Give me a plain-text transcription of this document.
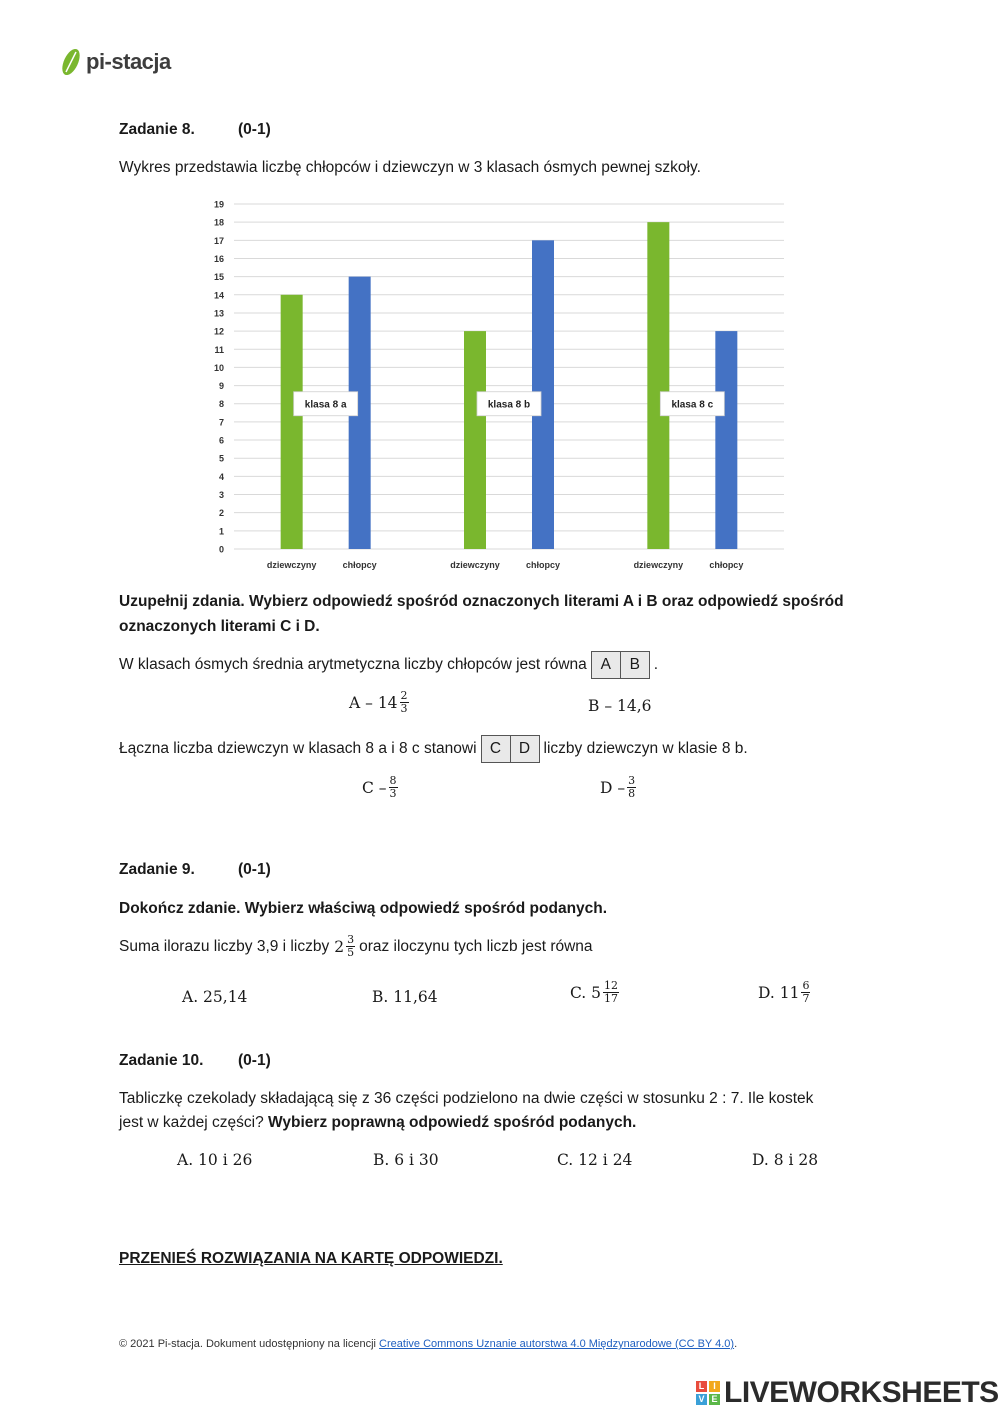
pi-stacja
Zadanie 8.	(0-1)
Wykres przedstawia liczbę chłopców i dziewczyn w 3 klasach ósmych pewnej szkoły.
0
1
2
3
4
5
6
7
8
9
10
11
12
13
14
15
16
17
18
19
dziewczyny	chłopcy	dziewczyny	chłopcy	dziewczyny	chłopcy
klasa 8 a	klasa 8 b	klasa 8 c
Uzupełnij zdania. Wybierz odpowiedź spośród oznaczonych literami A i B oraz odpowiedź spośród
oznaczonych literami C i D.
W klasach ósmych średnia arytmetyczna liczby chłopców jest równa A	B .
A –
$14 \frac{2}{3}$	B – 14,6
Łączna liczba dziewczyn w klasach 8 a i 8 c stanowi C	D liczby dziewczyn w klasie 8 b.
C – $\frac{8}{3}$	D – $\frac{3}{8}$
Zadanie 9.	(0-1)
Dokończ zdanie. Wybierz właściwą odpowiedź spośród podanych.
Suma ilorazu liczby 3,9 i liczby $2 \frac{3}{5}$ oraz iloczynu tych liczb jest równa
A. 25,14	B. 11,64	C. $5 \frac{12}{17}$	D. $11 \frac{6}{7}$
Zadanie 10. (0-1)
Tabliczkę czekolady składającą się z 36 części podzielono na dwie części w stosunku 2 : 7. Ile kostek
jest w każdej części? Wybierz poprawną odpowiedź spośród podanych.
A. 10 i 26	B. 6 i 30	C. 12 i 24	D. 8 i 28
PRZENIEŚ ROZWIĄZANIA NA KARTĘ ODPOWIEDZI.
© 2021 Pi-stacja. Dokument udostępniony na licencji Creative Commons Uznanie autorstwa 4.0 Międzynarodowe (CC BY 4.0).
L I
V E LIVEWORKSHEETS
